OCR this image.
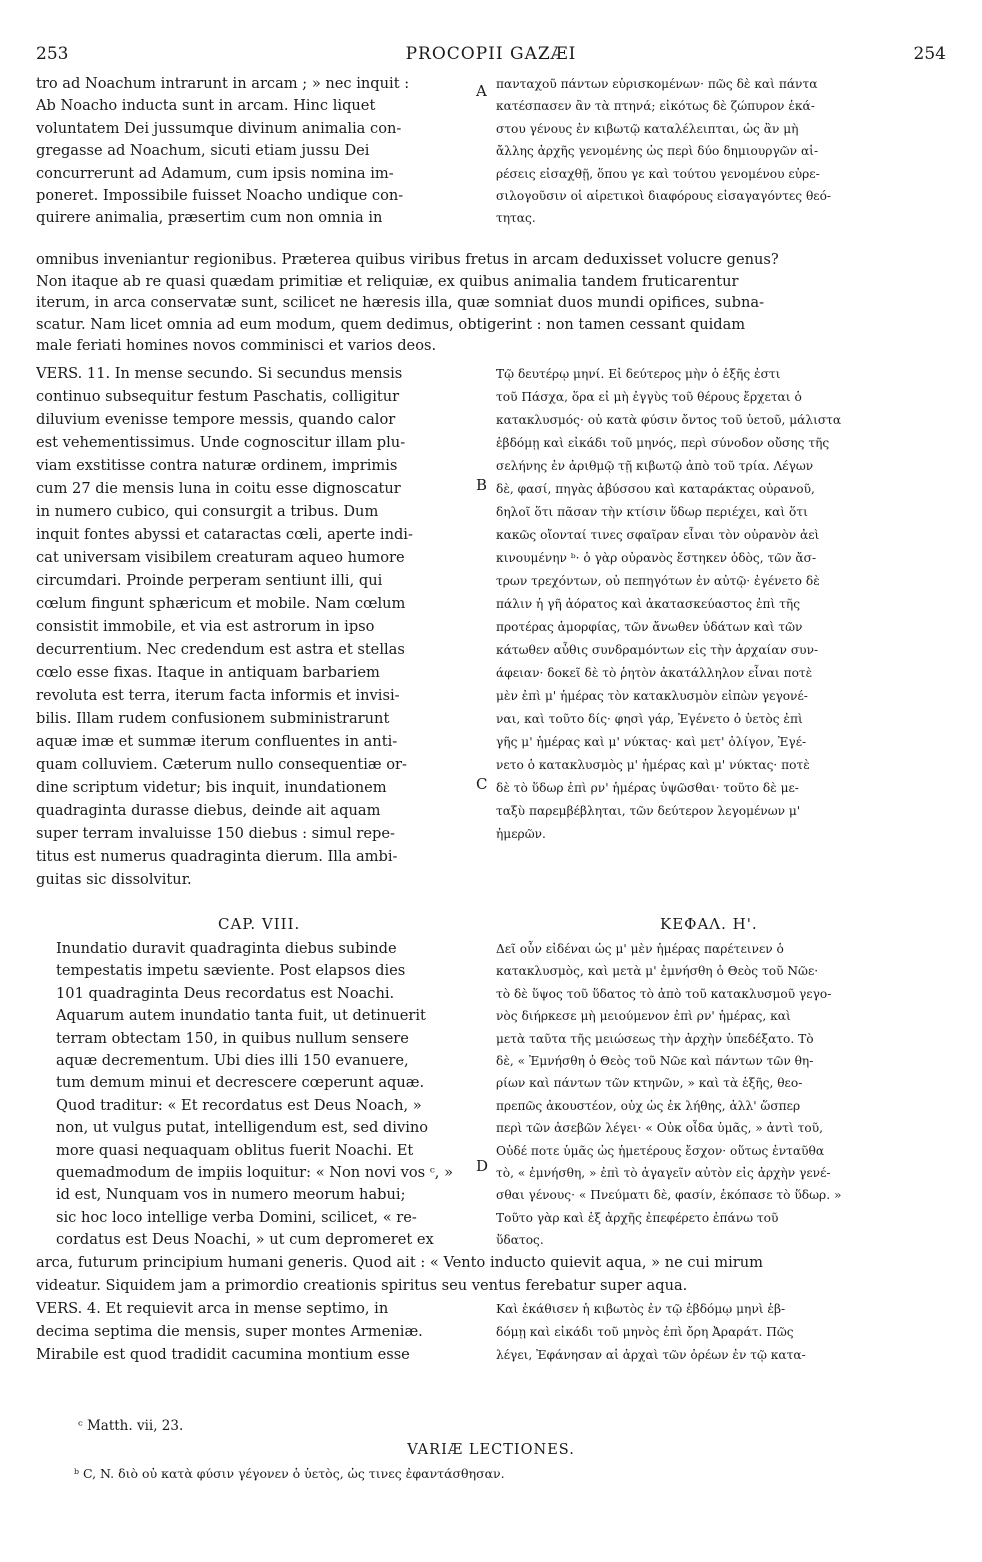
253	PROCOPII GAZÆI	254
tro ad Noachum intrarunt in arcam ; » nec inquit :
Ab Noacho inducta sunt in arcam. Hinc liquet
voluntatem Dei jussumque divinum animalia con-
gregasse ad Noachum, sicuti etiam jussu Dei
concurrerunt ad Adamum, cum ipsis nomina im-
poneret. Impossibile fuisset Noacho undique con-
quirere animalia, præsertim cum non omnia in
πανταχοῦ πάντων εὑρισκομένων· πῶς δὲ καὶ πάντα
κατέσπασεν ἂν τὰ πτηνά; εἰκότως δὲ ζώπυρον ἑκά-
στου γένους ἐν κιβωτῷ καταλέλειπται, ὡς ἂν μὴ
ἄλλης ἀρχῆς γενομένης ὡς περὶ δύο δημιουργῶν αἱ-
ρέσεις εἰσαχθῇ, ὅπου γε καὶ τούτου γενομένου εὑρε-
σιλογοῦσιν οἱ αἱρετικοὶ διαφόρους εἰσαγαγόντες θεό-
τητας.
omnibus inveniantur regionibus. Præterea quibus viribus fretus in arcam deduxisset volucre genus?
Non itaque ab re quasi quædam primitiæ et reliquiæ, ex quibus animalia tandem fruticarentur
iterum, in arca conservatæ sunt, scilicet ne hæresis illa, quæ somniat duos mundi opifices, subna-
scatur. Nam licet omnia ad eum modum, quem dedimus, obtigerint : non tamen cessant quidam
male feriati homines novos comminisci et varios deos.
VERS. 11. In mense secundo. Si secundus mensis
continuo subsequitur festum Paschatis, colligitur
diluvium evenisse tempore messis, quando calor
est vehementissimus. Unde cognoscitur illam plu-
viam exstitisse contra naturæ ordinem, imprimis
cum 27 die mensis luna in coitu esse dignoscatur
in numero cubico, qui consurgit a tribus. Dum
inquit fontes abyssi et cataractas cœli, aperte indi-
cat universam visibilem creaturam aqueo humore
circumdari. Proinde perperam sentiunt illi, qui
cœlum fingunt sphæricum et mobile. Nam cœlum
consistit immobile, et via est astrorum in ipso
decurrentium. Nec credendum est astra et stellas
cœlo esse fixas. Itaque in antiquam barbariem
revoluta est terra, iterum facta informis et invisi-
bilis. Illam rudem confusionem subministrarunt
aquæ imæ et summæ iterum confluentes in anti-
quam colluviem. Cæterum nullo consequentiæ or-
dine scriptum videtur; bis inquit, inundationem
quadraginta durasse diebus, deinde ait aquam
super terram invaluisse 150 diebus : simul repe-
titus est numerus quadraginta dierum. Illa ambi-
guitas sic dissolvitur.
Τῷ δευτέρῳ μηνί. Εἰ δεύτερος μὴν ὁ ἑξῆς ἐστι
τοῦ Πάσχα, ὅρα εἰ μὴ ἐγγὺς τοῦ θέρους ἔρχεται ὁ
κατακλυσμός· οὐ κατὰ φύσιν ὄντος τοῦ ὑετοῦ, μάλιστα
ἑβδόμῃ καὶ εἰκάδι τοῦ μηνός, περὶ σύνοδον οὔσης τῆς
σελήνης ἐν ἀριθμῷ τῇ κιβωτῷ ἀπὸ τοῦ τρία. Λέγων
δὲ, φασί, πηγὰς ἀβύσσου καὶ καταράκτας οὐρανοῦ,
δηλοῖ ὅτι πᾶσαν τὴν κτίσιν ὕδωρ περιέχει, καὶ ὅτι
κακῶς οἴονταί τινες σφαῖραν εἶναι τὸν οὐρανὸν ἀεὶ
κινουμένην ᵇ· ὁ γὰρ οὐρανὸς ἕστηκεν ὁδὸς, τῶν ἄσ-
τρων τρεχόντων, οὐ πεπηγότων ἐν αὐτῷ· ἐγένετο δὲ
πάλιν ἡ γῆ ἀόρατος καὶ ἀκατασκεύαστος ἐπὶ τῆς
προτέρας ἀμορφίας, τῶν ἄνωθεν ὑδάτων καὶ τῶν
κάτωθεν αὖθις συνδραμόντων εἰς τὴν ἀρχαίαν συν-
άφειαν· δοκεῖ δὲ τὸ ῥητὸν ἀκατάλληλον εἶναι ποτὲ
μὲν ἐπὶ μ' ἡμέρας τὸν κατακλυσμὸν εἰπὼν γεγονέ-
ναι, καὶ τοῦτο δίς· φησὶ γάρ, Ἐγένετο ὁ ὑετὸς ἐπὶ
γῆς μ' ἡμέρας καὶ μ' νύκτας· καὶ μετ' ὀλίγον, Ἐγέ-
νετο ὁ κατακλυσμὸς μ' ἡμέρας καὶ μ' νύκτας· ποτὲ
δὲ τὸ ὕδωρ ἐπὶ ρν' ἡμέρας ὑψῶσθαι· τοῦτο δὲ με-
ταξὺ παρεμβέβληται, τῶν δεύτερον λεγομένων μ'
ἡμερῶν.
CAP. VIII.	ΚΕΦΑΛ. Η'.
Inundatio duravit quadraginta diebus subinde
tempestatis impetu sæviente. Post elapsos dies
101 quadraginta Deus recordatus est Noachi.
Aquarum autem inundatio tanta fuit, ut detinuerit
terram obtectam 150, in quibus nullum sensere
aquæ decrementum. Ubi dies illi 150 evanuere,
tum demum minui et decrescere cœperunt aquæ.
Quod traditur: « Et recordatus est Deus Noach, »
non, ut vulgus putat, intelligendum est, sed divino
more quasi nequaquam oblitus fuerit Noachi. Et
quemadmodum de impiis loquitur: « Non novi vos ᶜ, »
id est, Nunquam vos in numero meorum habui;
sic hoc loco intellige verba Domini, scilicet, « re-
cordatus est Deus Noachi, » ut cum depromeret ex
Δεῖ οὖν εἰδέναι ὡς μ' μὲν ἡμέρας παρέτεινεν ὁ
κατακλυσμὸς, καὶ μετὰ μ' ἐμνήσθη ὁ Θεὸς τοῦ Νῶε·
τὸ δὲ ὕψος τοῦ ὕδατος τὸ ἀπὸ τοῦ κατακλυσμοῦ γεγο-
νὸς διήρκεσε μὴ μειούμενον ἐπὶ ρν' ἡμέρας, καὶ
μετὰ ταῦτα τῆς μειώσεως τὴν ἀρχὴν ὑπεδέξατο. Τὸ
δὲ, « Ἐμνήσθη ὁ Θεὸς τοῦ Νῶε καὶ πάντων τῶν θη-
ρίων καὶ πάντων τῶν κτηνῶν, » καὶ τὰ ἑξῆς, θεο-
πρεπῶς ἀκουστέον, οὐχ ὡς ἐκ λήθης, ἀλλ' ὥσπερ
περὶ τῶν ἀσεβῶν λέγει· « Οὐκ οἶδα ὑμᾶς, » ἀντὶ τοῦ,
Οὐδέ ποτε ὑμᾶς ὡς ἡμετέρους ἔσχον· οὕτως ἐνταῦθα
τὸ, « ἐμνήσθη, » ἐπὶ τὸ ἀγαγεῖν αὐτὸν εἰς ἀρχὴν γενέ-
σθαι γένους· « Πνεύματι δὲ, φασίν, ἐκόπασε τὸ ὕδωρ. »
Τοῦτο γὰρ καὶ ἐξ ἀρχῆς ἐπεφέρετο ἐπάνω τοῦ
ὕδατος.
arca, futurum principium humani generis. Quod ait : « Vento inducto quievit aqua, » ne cui mirum
videatur. Siquidem jam a primordio creationis spiritus seu ventus ferebatur super aqua.
VERS. 4. Et requievit arca in mense septimo, in
decima septima die mensis, super montes Armeniæ.
Mirabile est quod tradidit cacumina montium esse
Καὶ ἐκάθισεν ἡ κιβωτὸς ἐν τῷ ἑβδόμῳ μηνὶ ἑβ-
δόμῃ καὶ εἰκάδι τοῦ μηνὸς ἐπὶ ὄρη Ἀραράτ. Πῶς
λέγει, Ἐφάνησαν αἱ ἀρχαὶ τῶν ὀρέων ἐν τῷ κατα-
A
B
C
D
ᶜ Matth. vii, 23.
VARIÆ LECTIONES.
ᵇ C, N. διὸ οὐ κατὰ φύσιν γέγονεν ὁ ὑετὸς, ὡς τινες ἐφαντάσθησαν.
